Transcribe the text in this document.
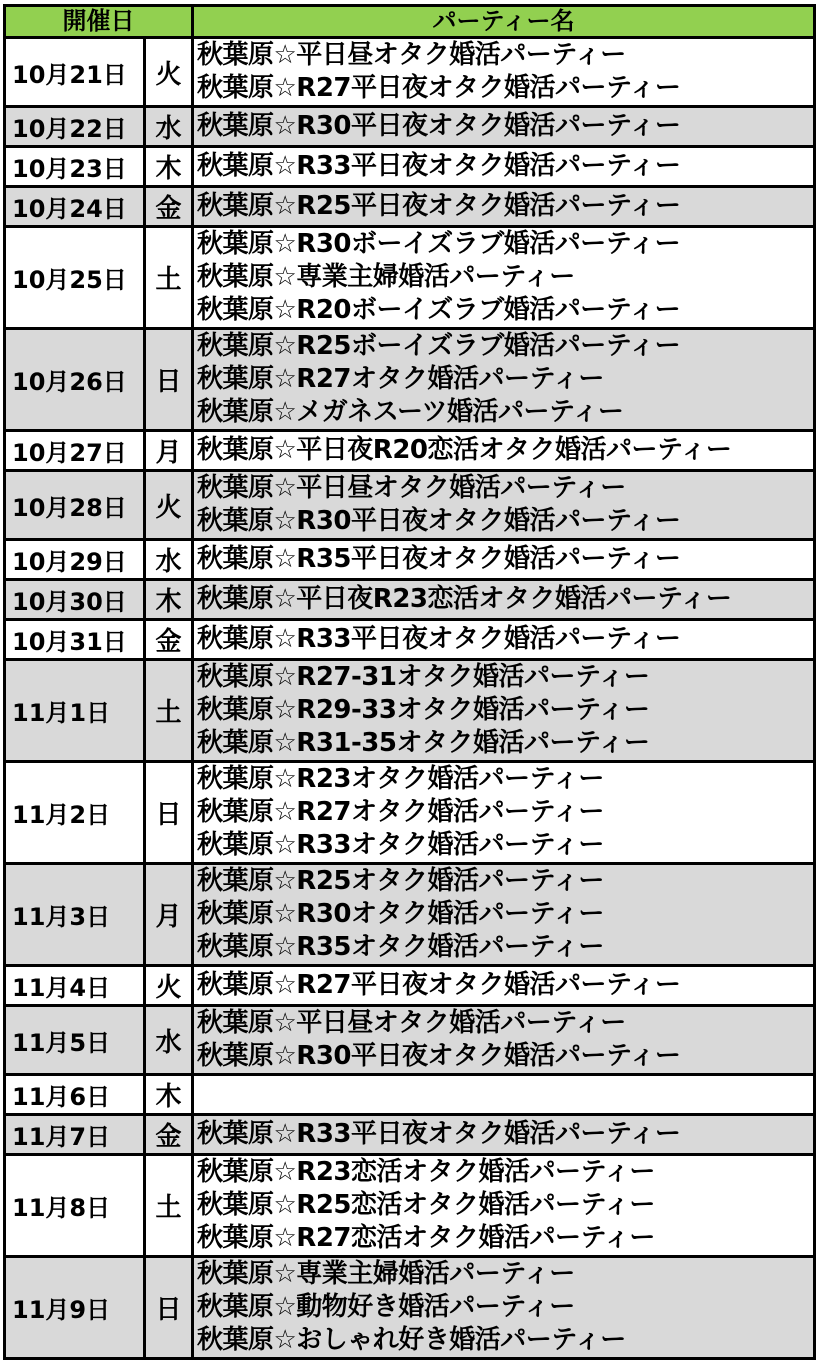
開催日		パーティー名
10月21日	火	秋葉原☆平日昼オタク婚活パーティー
秋葉原☆R27平日夜オタク婚活パーティー

10月22日	水	秋葉原☆R30平日夜オタク婚活パーティー

10月23日	木	秋葉原☆R33平日夜オタク婚活パーティー

10月24日	金	秋葉原☆R25平日夜オタク婚活パーティー

10月25日	土	秋葉原☆R30ボーイズラブ婚活パーティー
秋葉原☆専業主婦婚活パーティー
秋葉原☆R20ボーイズラブ婚活パーティー

10月26日	日	秋葉原☆R25ボーイズラブ婚活パーティー
秋葉原☆R27オタク婚活パーティー
秋葉原☆メガネスーツ婚活パーティー

10月27日	月	秋葉原☆平日夜R20恋活オタク婚活パーティー

10月28日	火	秋葉原☆平日昼オタク婚活パーティー
秋葉原☆R30平日夜オタク婚活パーティー

10月29日	水	秋葉原☆R35平日夜オタク婚活パーティー

10月30日	木	秋葉原☆平日夜R23恋活オタク婚活パーティー

10月31日	金	秋葉原☆R33平日夜オタク婚活パーティー

11月1日	土	秋葉原☆R27-31オタク婚活パーティー
秋葉原☆R29-33オタク婚活パーティー
秋葉原☆R31-35オタク婚活パーティー

11月2日	日	秋葉原☆R23オタク婚活パーティー
秋葉原☆R27オタク婚活パーティー
秋葉原☆R33オタク婚活パーティー

11月3日	月	秋葉原☆R25オタク婚活パーティー
秋葉原☆R30オタク婚活パーティー
秋葉原☆R35オタク婚活パーティー

11月4日	火	秋葉原☆R27平日夜オタク婚活パーティー

11月5日	水	秋葉原☆平日昼オタク婚活パーティー
秋葉原☆R30平日夜オタク婚活パーティー

11月6日	木	

11月7日	金	秋葉原☆R33平日夜オタク婚活パーティー

11月8日	土	秋葉原☆R23恋活オタク婚活パーティー
秋葉原☆R25恋活オタク婚活パーティー
秋葉原☆R27恋活オタク婚活パーティー

11月9日	日	秋葉原☆専業主婦婚活パーティー
秋葉原☆動物好き婚活パーティー
秋葉原☆おしゃれ好き婚活パーティー
